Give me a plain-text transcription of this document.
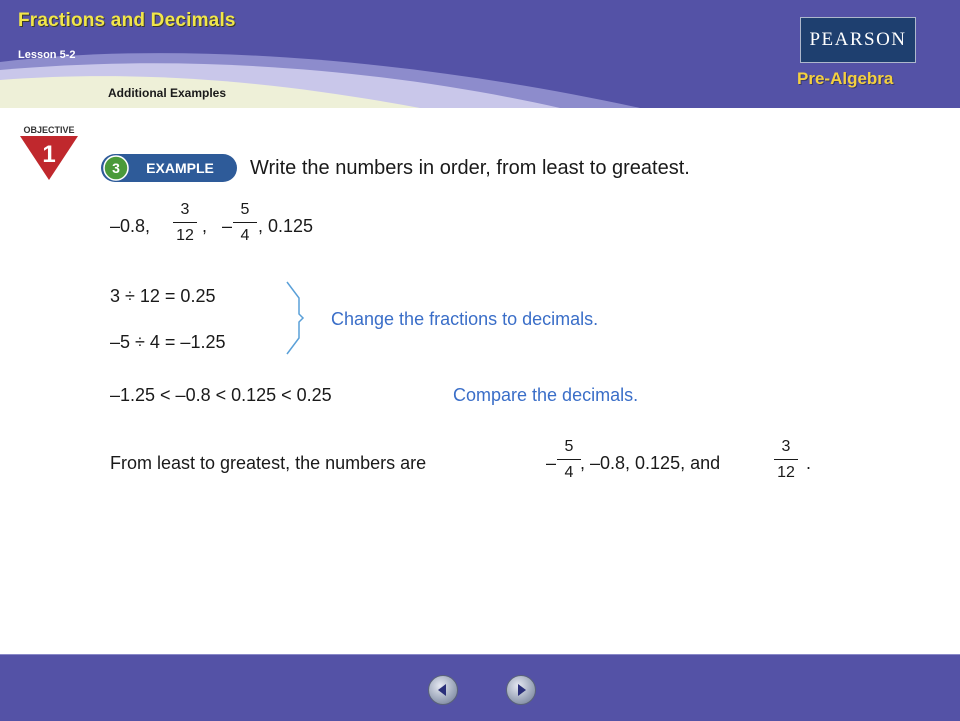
Fractions and Decimals
Lesson 5-2
Additional Examples
PEARSON
Pre-Algebra
OBJECTIVE
1	3 EXAMPLE Write the numbers in order, from least to greatest.
–0.8,
3
12 , –
5
4 , 0.125
3 ÷ 12 = 0.25
–5 ÷ 4 = –1.25
Change the fractions to decimals.
–1.25 < –0.8 < 0.125 < 0.25	Compare the decimals.
From least to greatest, the numbers are	–
5
4 , –0.8, 0.125, and
3
12 .
